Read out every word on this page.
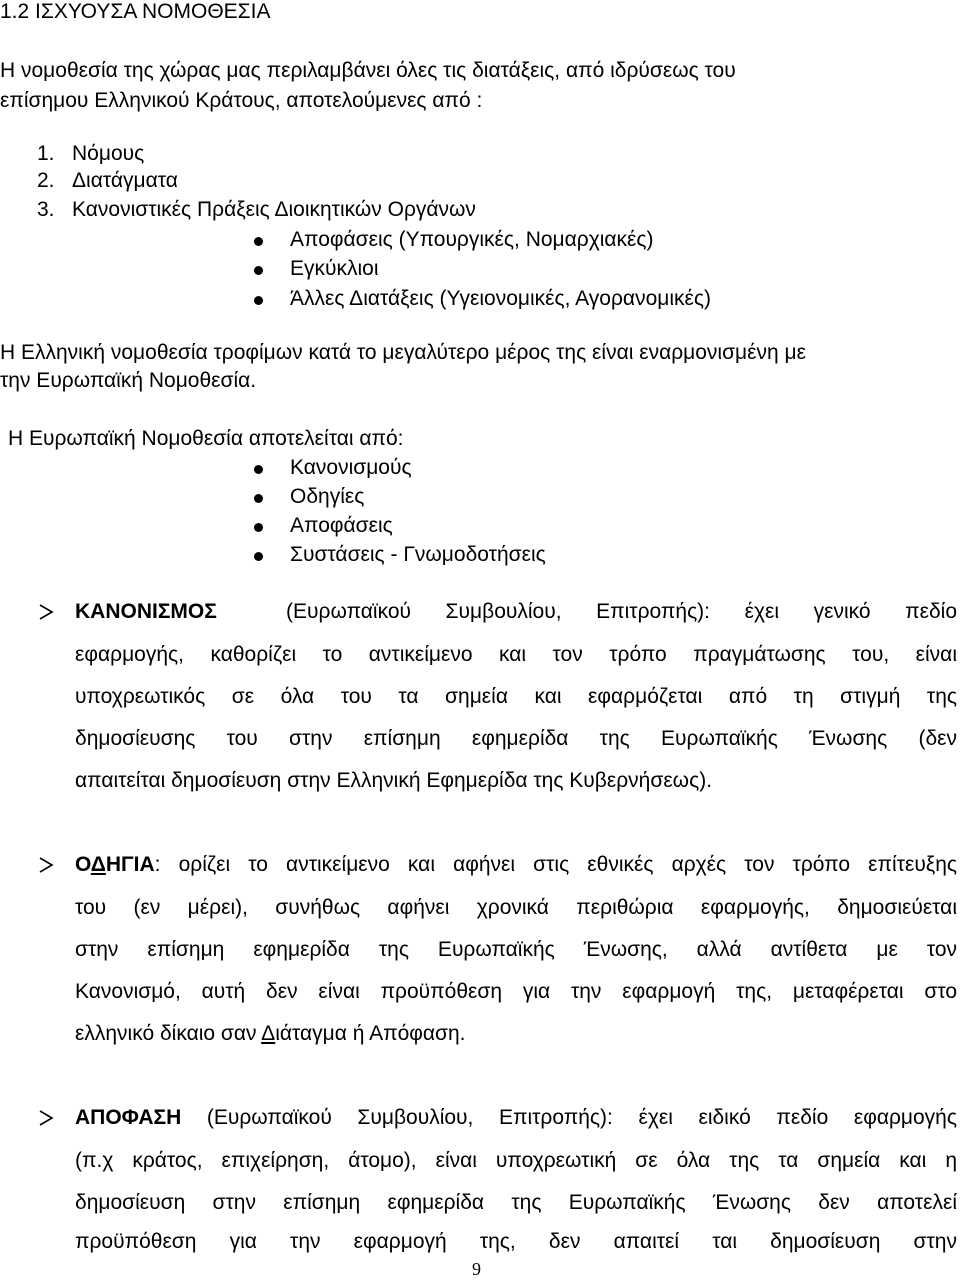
1.2 ΙΣΧΥΟΥΣΑ ΝΟΜΟΘΕΣΙΑ
Η νομοθεσία της χώρας μας περιλαμβάνει όλες τις διατάξεις, από ιδρύσεως του
επίσημου Ελληνικού Κράτους, αποτελούμενες από :
1. Νόμους
2. Διατάγματα
3. Κανονιστικές Πράξεις Διοικητικών Οργάνων
Αποφάσεις (Υπουργικές, Νομαρχιακές)
Εγκύκλιοι
Άλλες Διατάξεις (Υγειονομικές, Αγορανομικές)
Η Ελληνική νομοθεσία τροφίμων κατά το μεγαλύτερο μέρος της είναι εναρμονισμένη με
την Ευρωπαϊκή Νομοθεσία.
Η Ευρωπαϊκή Νομοθεσία αποτελείται από:
Κανονισμούς
Οδηγίες
Αποφάσεις
Συστάσεις - Γνωμοδοτήσεις
ΚΑΝΟΝΙΣΜΟΣ	(Ευρωπαϊκού Συμβουλίου, Επιτροπής): έχει γενικό πεδίο
εφαρμογής, καθορίζει το αντικείμενο και τον τρόπο πραγμάτωσης του, είναι
υποχρεωτικός σε όλα του τα σημεία και εφαρμόζεται από τη στιγμή της
δημοσίευσης του στην επίσημη εφημερίδα της Ευρωπαϊκής Ένωσης (δεν
απαιτείται δημοσίευση στην Ελληνική Εφημερίδα της Κυβερνήσεως).
ΟΔΗΓΙΑ: ορίζει το αντικείμενο και αφήνει στις εθνικές αρχές τον τρόπο επίτευξης
του (εν μέρει), συνήθως αφήνει χρονικά περιθώρια εφαρμογής, δημοσιεύεται
στην επίσημη εφημερίδα της Ευρωπαϊκής Ένωσης, αλλά αντίθετα με τον
Κανονισμό, αυτή δεν είναι προϋπόθεση για την εφαρμογή της, μεταφέρεται στο
ελληνικό δίκαιο σαν Διάταγμα ή Απόφαση.
ΑΠΟΦΑΣΗ (Ευρωπαϊκού Συμβουλίου, Επιτροπής): έχει ειδικό πεδίο εφαρμογής
(π.χ κράτος, επιχείρηση, άτομο), είναι υποχρεωτική σε όλα της τα σημεία και η
δημοσίευση στην επίσημη εφημερίδα της Ευρωπαϊκής Ένωσης δεν αποτελεί
προϋπόθεση για την εφαρμογή της, δεν απαιτεί ται δημοσίευση στην
9
